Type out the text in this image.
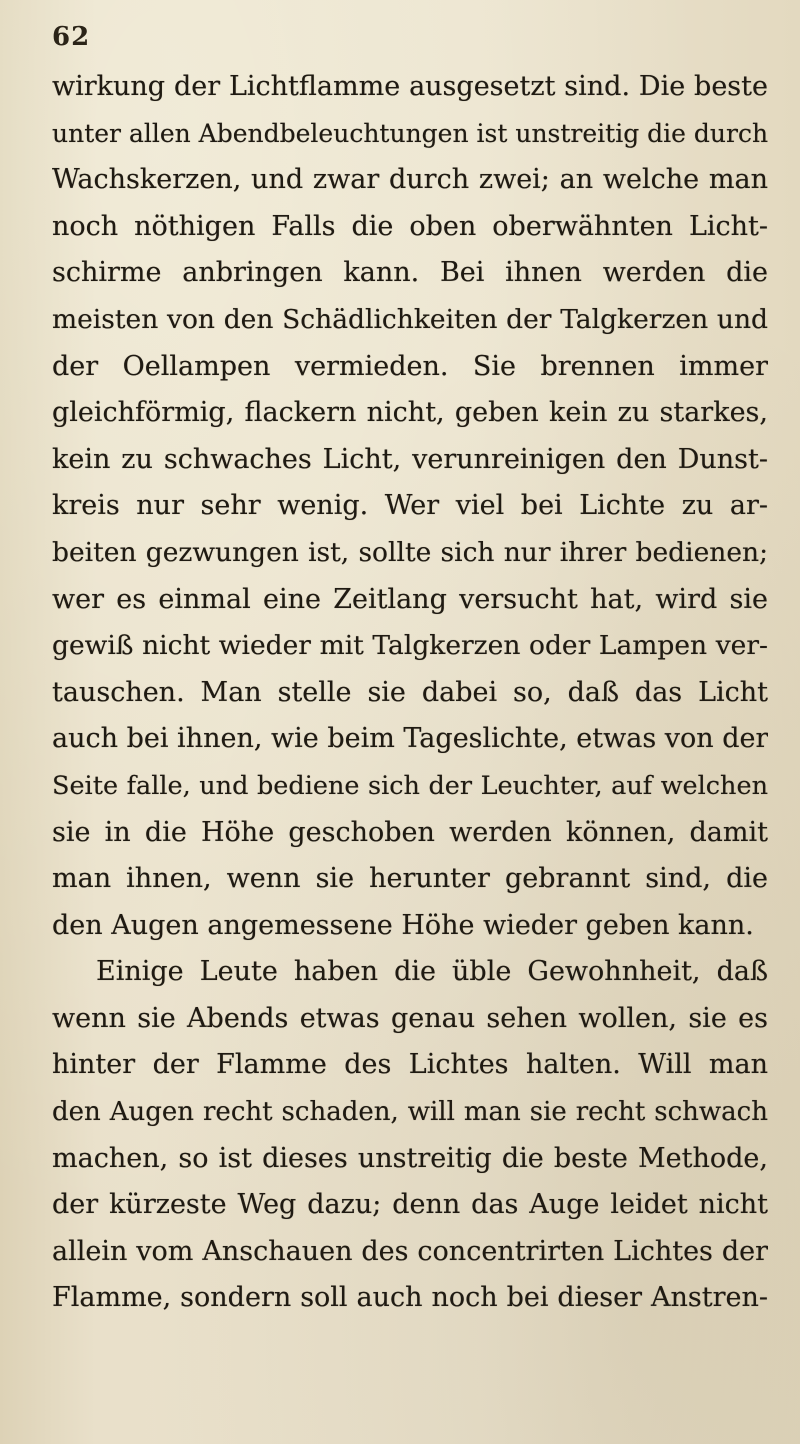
62
wirkung der Lichtflamme ausgesetzt sind. Die beste
unter allen Abendbeleuchtungen ist unstreitig die durch
Wachskerzen, und zwar durch zwei; an welche man
noch nöthigen Falls die oben oberwähnten Licht-
schirme anbringen kann. Bei ihnen werden die
meisten von den Schädlichkeiten der Talgkerzen und
der Oellampen vermieden. Sie brennen immer
gleichförmig, flackern nicht, geben kein zu starkes,
kein zu schwaches Licht, verunreinigen den Dunst-
kreis nur sehr wenig. Wer viel bei Lichte zu ar-
beiten gezwungen ist, sollte sich nur ihrer bedienen;
wer es einmal eine Zeitlang versucht hat, wird sie
gewiß nicht wieder mit Talgkerzen oder Lampen ver-
tauschen. Man stelle sie dabei so, daß das Licht
auch bei ihnen, wie beim Tageslichte, etwas von der
Seite falle, und bediene sich der Leuchter, auf welchen
sie in die Höhe geschoben werden können, damit
man ihnen, wenn sie herunter gebrannt sind, die
den Augen angemessene Höhe wieder geben kann.
Einige Leute haben die üble Gewohnheit, daß
wenn sie Abends etwas genau sehen wollen, sie es
hinter der Flamme des Lichtes halten. Will man
den Augen recht schaden, will man sie recht schwach
machen, so ist dieses unstreitig die beste Methode,
der kürzeste Weg dazu; denn das Auge leidet nicht
allein vom Anschauen des concentrirten Lichtes der
Flamme, sondern soll auch noch bei dieser Anstren-
